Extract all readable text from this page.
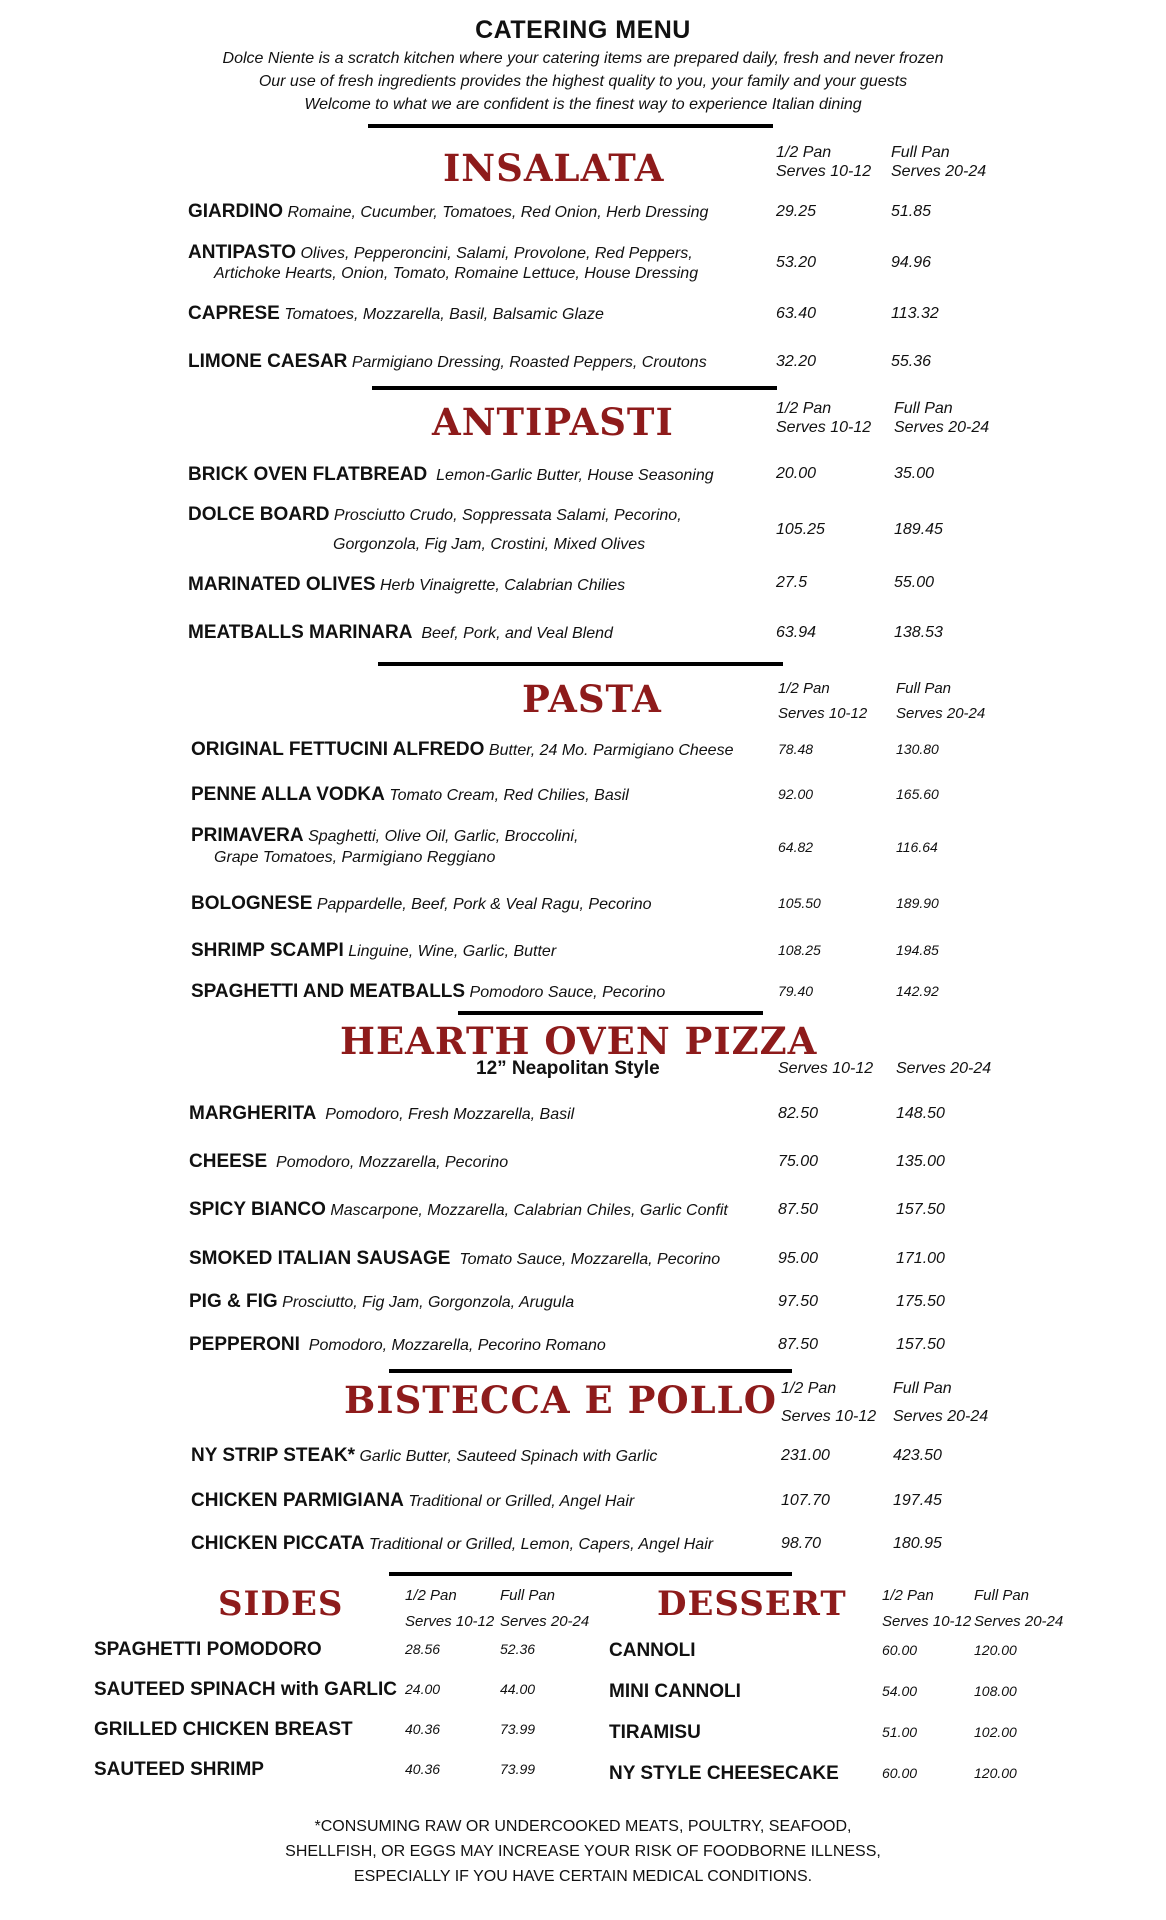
CATERING MENU
Dolce Niente is a scratch kitchen where your catering items are prepared daily, fresh and never frozen
Our use of fresh ingredients provides the highest quality to you, your family and your guests
Welcome to what we are confident is the finest way to experience Italian dining
INSALATA	1/2 Pan
Serves 10-12
Full Pan
Serves 20-24
GIARDINO Romaine, Cucumber, Tomatoes, Red Onion, Herb Dressing	29.25	51.85
ANTIPASTO Olives, Pepperoncini, Salami, Provolone, Red Peppers,
Artichoke Hearts, Onion, Tomato, Romaine Lettuce, House Dressing
53.20	94.96
CAPRESE Tomatoes, Mozzarella, Basil, Balsamic Glaze	63.40	113.32
LIMONE CAESAR Parmigiano Dressing, Roasted Peppers, Croutons	32.20	55.36
ANTIPASTI	1/2 Pan
Serves 10-12
Full Pan
Serves 20-24
BRICK OVEN FLATBREAD Lemon-Garlic Butter, House Seasoning	20.00	35.00
DOLCE BOARD Prosciutto Crudo, Soppressata Salami, Pecorino,
Gorgonzola, Fig Jam, Crostini, Mixed Olives
105.25	189.45
MARINATED OLIVES Herb Vinaigrette, Calabrian Chilies	27.5	55.00
MEATBALLS MARINARA Beef, Pork, and Veal Blend	63.94	138.53
PASTA	1/2 Pan
Serves 10-12
Full Pan
Serves 20-24
ORIGINAL FETTUCINI ALFREDO Butter, 24 Mo. Parmigiano Cheese	78.48	130.80
PENNE ALLA VODKA Tomato Cream, Red Chilies, Basil	92.00	165.60
PRIMAVERA Spaghetti, Olive Oil, Garlic, Broccolini,
Grape Tomatoes, Parmigiano Reggiano
64.82	116.64
BOLOGNESE Pappardelle, Beef, Pork & Veal Ragu, Pecorino	105.50	189.90
SHRIMP SCAMPI Linguine, Wine, Garlic, Butter	108.25	194.85
SPAGHETTI AND MEATBALLS Pomodoro Sauce, Pecorino	79.40	142.92
HEARTH OVEN PIZZA
12” Neapolitan Style	Serves 10-12 Serves 20-24
MARGHERITA Pomodoro, Fresh Mozzarella, Basil	82.50	148.50
CHEESE Pomodoro, Mozzarella, Pecorino	75.00	135.00
SPICY BIANCO Mascarpone, Mozzarella, Calabrian Chiles, Garlic Confit	87.50	157.50
SMOKED ITALIAN SAUSAGE Tomato Sauce, Mozzarella, Pecorino	95.00	171.00
PIG & FIG Prosciutto, Fig Jam, Gorgonzola, Arugula	97.50	175.50
PEPPERONI Pomodoro, Mozzarella, Pecorino Romano	87.50	157.50
BISTECCA E POLLO 1/2 Pan
Serves 10-12
Full Pan
Serves 20-24
NY STRIP STEAK* Garlic Butter, Sauteed Spinach with Garlic	231.00	423.50
CHICKEN PARMIGIANA Traditional or Grilled, Angel Hair	107.70	197.45
CHICKEN PICCATA Traditional or Grilled, Lemon, Capers, Angel Hair	98.70	180.95
SIDES	1/2 Pan
Serves 10-12
Full Pan
Serves 20-24
SPAGHETTI POMODORO	28.56	52.36
SAUTEED SPINACH with GARLIC 24.00	44.00
GRILLED CHICKEN BREAST	40.36	73.99
SAUTEED SHRIMP	40.36	73.99
DESSERT 1/2 Pan
Serves 10-12
Full Pan
Serves 20-24
CANNOLI	60.00	120.00
MINI CANNOLI	54.00	108.00
TIRAMISU	51.00	102.00
NY STYLE CHEESECAKE	60.00	120.00
*CONSUMING RAW OR UNDERCOOKED MEATS, POULTRY, SEAFOOD,
SHELLFISH, OR EGGS MAY INCREASE YOUR RISK OF FOODBORNE ILLNESS,
ESPECIALLY IF YOU HAVE CERTAIN MEDICAL CONDITIONS.
